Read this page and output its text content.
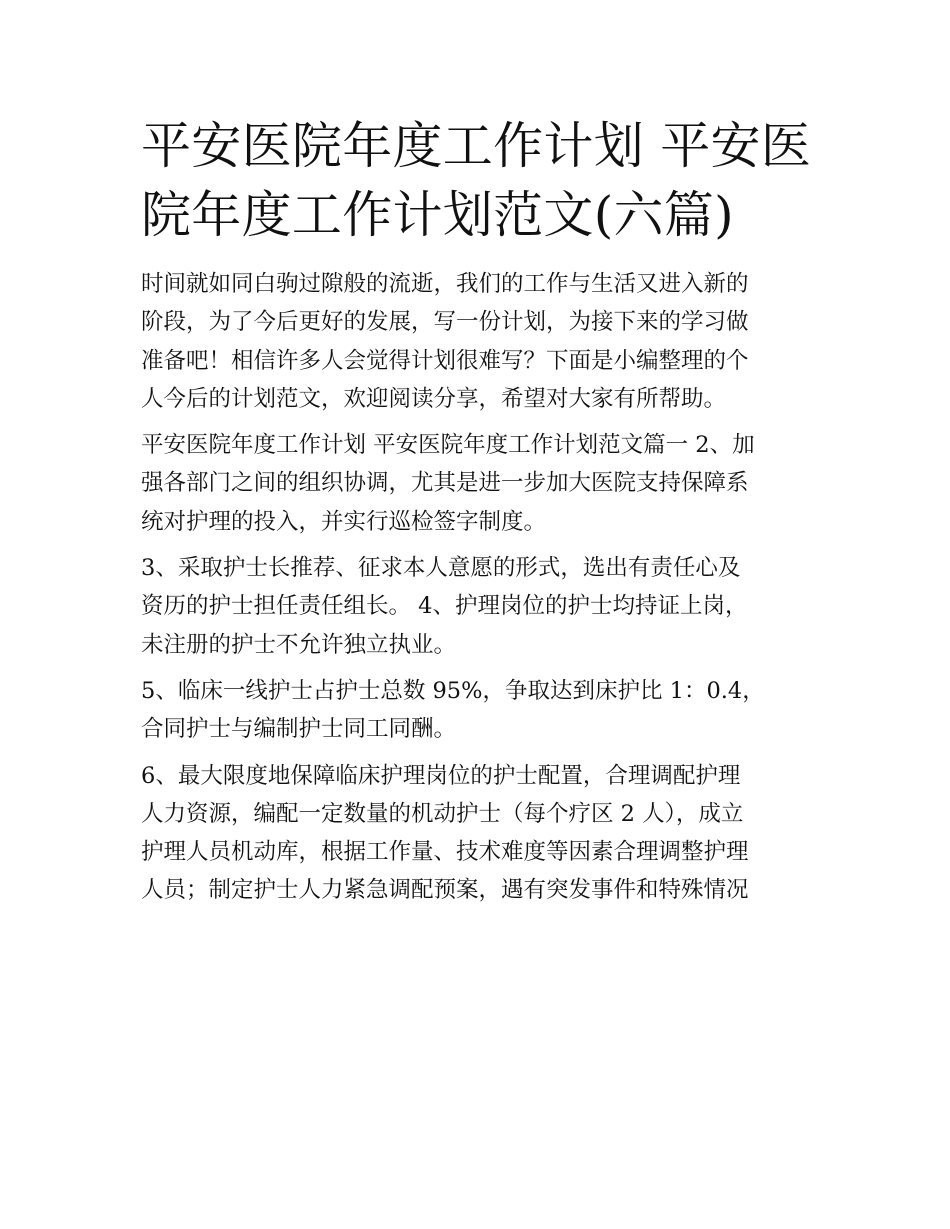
平安医院年度工作计划 平安医
院年度工作计划范文(六篇)

时间就如同白驹过隙般的流逝，我们的工作与生活又进入新的
阶段，为了今后更好的发展，写一份计划，为接下来的学习做
准备吧！相信许多人会觉得计划很难写？下面是小编整理的个
人今后的计划范文，欢迎阅读分享，希望对大家有所帮助。

平安医院年度工作计划 平安医院年度工作计划范文篇一 2、加
强各部门之间的组织协调，尤其是进一步加大医院支持保障系
统对护理的投入，并实行巡检签字制度。

3、采取护士长推荐、征求本人意愿的形式，选出有责任心及
资历的护士担任责任组长。 4、护理岗位的护士均持证上岗，
未注册的护士不允许独立执业。

5、临床一线护士占护士总数 95%，争取达到床护比 1：0.4，
合同护士与编制护士同工同酬。

6、最大限度地保障临床护理岗位的护士配置，合理调配护理
人力资源，编配一定数量的机动护士（每个疗区 2 人），成立
护理人员机动库，根据工作量、技术难度等因素合理调整护理
人员；制定护士人力紧急调配预案，遇有突发事件和特殊情况
